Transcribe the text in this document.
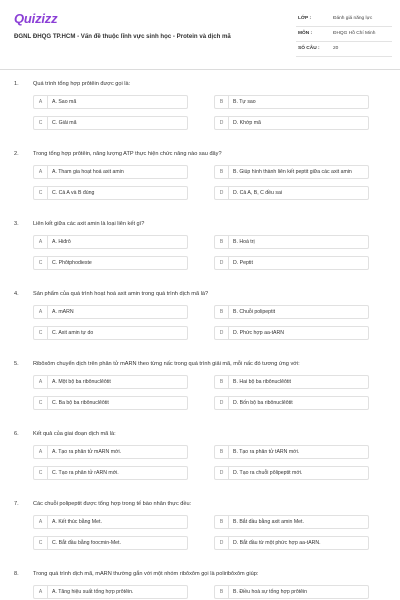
Quizizz
ĐGNL ĐHQG TP.HCM - Vấn đề thuộc lĩnh vực sinh học - Protein và dịch mã
LỚP :	Đánh giá năng lực
MÔN :	ĐHQG Hồ Chí Minh
SỐ CÂU :	20
1.	Quá trình tổng hợp prôtêin được gọi là:
A	A. Sao mã	B	B. Tự sao
C	C. Giải mã	D	D. Khớp mã
2.	Trong tổng hợp prôtêin, năng lượng ATP thực hiện chức năng nào sau đây?
A	A. Tham gia hoạt hoá axit amin	B	B. Giúp hình thành liên kết peptit giữa các axit amin
C	C. Cả A và B đúng	D	D. Cả A, B, C đều sai
3.	Liên kết giữa các axit amin là loại liên kết gì?
A	A. Hiđrô	B	B. Hoá trị
C	C. Phôtphodieste	D	D. Peptit
4.	Sản phẩm của quá trình hoạt hoá axit amin trong quá trình dịch mã là?
A	A. mARN	B	B. Chuỗi polipeptit
C	C. Axit amin tự do	D	D. Phức hợp aa-tARN
5.	Ribôxôm chuyển dịch trên phân tử mARN theo từng nấc trong quá trình giải mã, mỗi nấc đó tương ứng với:
A	A. Một bộ ba ribônuclêôtit	B	B. Hai bộ ba ribônuclêôtit
C	C. Ba bộ ba ribônuclêôtit	D	D. Bốn bộ ba ribônuclêôtit
6.	Kết quả của giai đoạn dịch mã là:
A	A. Tạo ra phân tử mARN mới.	B	B. Tạo ra phân tử tARN mới.
C	C. Tạo ra phân tử rARN mới.	D	D. Tạo ra chuỗi pôlipeptit mới.
7.	Các chuỗi polipeptit được tổng hợp trong tế bào nhân thực đều:
A	A. Kết thúc bằng Met.	B	B. Bắt đầu bằng axit amin Met.
C	C. Bắt đầu bằng foocmin-Met.	D	D. Bắt đầu từ một phức hợp aa-tARN.
8.	Trong quá trình dịch mã, mARN thường gắn với một nhóm ribôxôm gọi là poliribôxôm giúp:
A	A. Tăng hiệu suất tổng hợp prôtêin.	B	B. Điều hoà sự tổng hợp prôtêin
